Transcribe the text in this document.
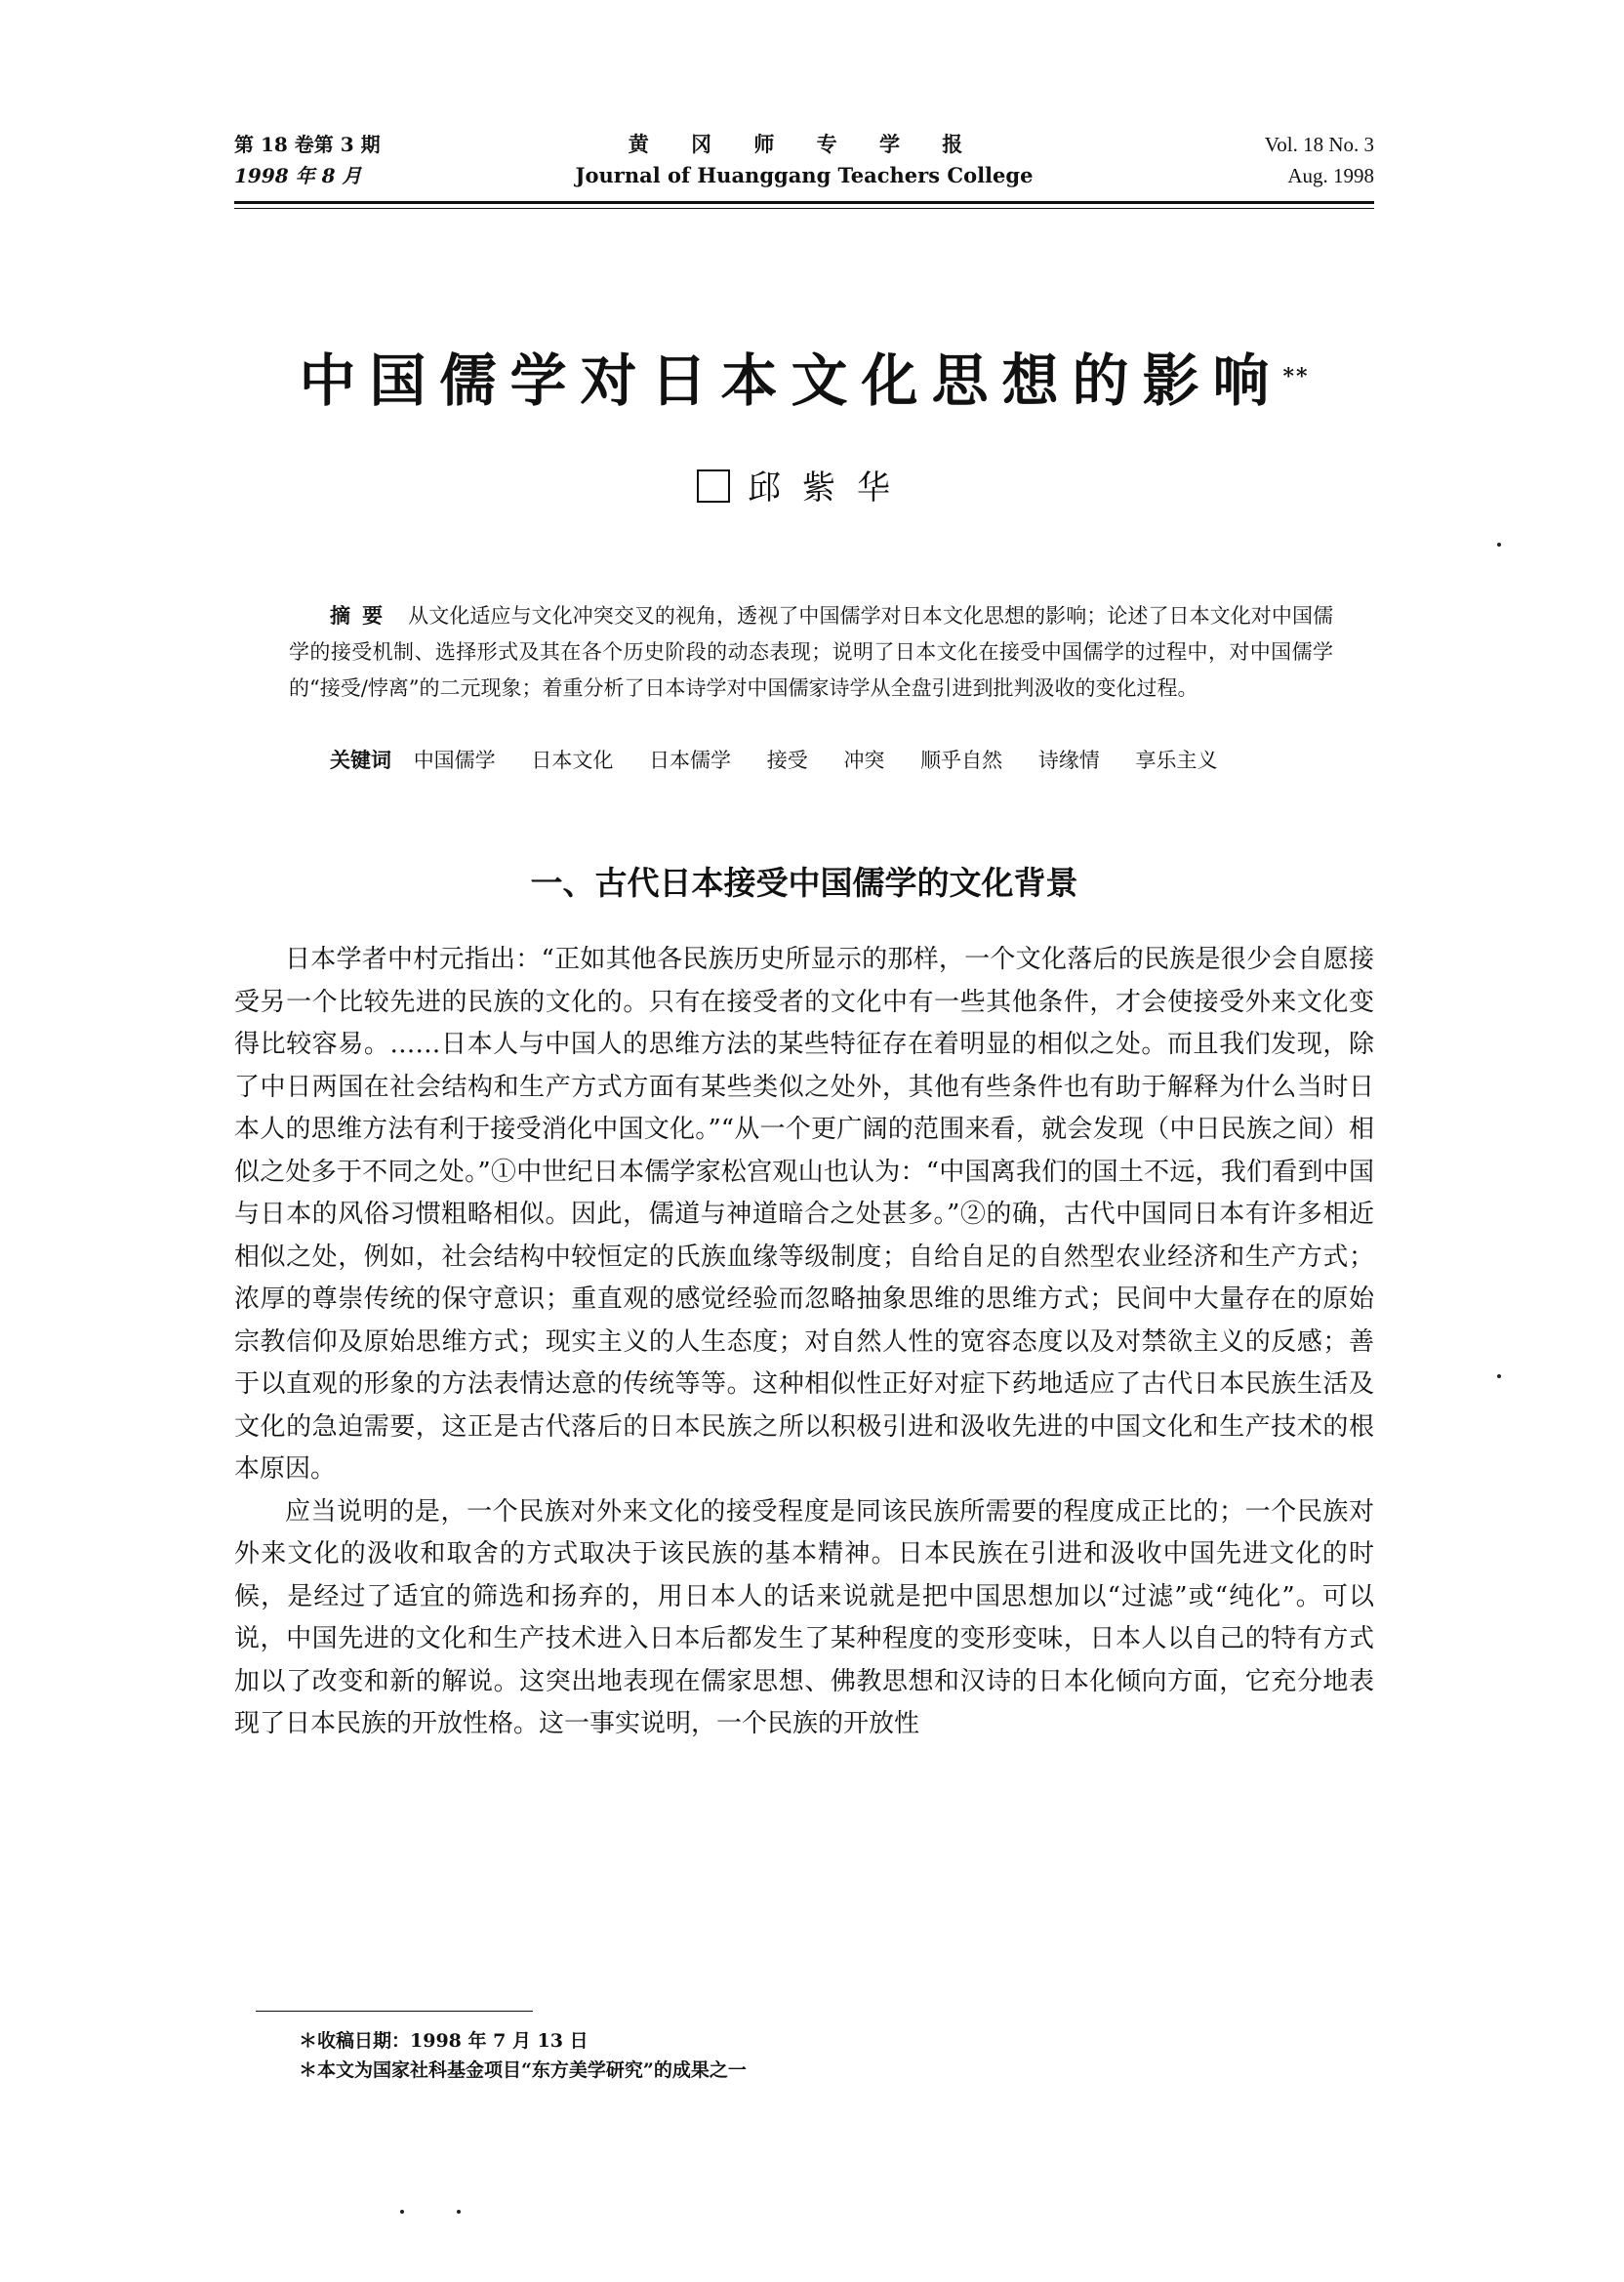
第 18 卷第 3 期
1998 年 8 月
黄 冈 师 专 学 报
Journal of Huanggang Teachers College
Vol. 18 No. 3
Aug. 1998
中国儒学对日本文化思想的影响**
邱紫华
摘要 从文化适应与文化冲突交叉的视角，透视了中国儒学对日本文化思想的影响；论述了日本文化对中国儒学的接受机制、选择形式及其在各个历史阶段的动态表现；说明了日本文化在接受中国儒学的过程中，对中国儒学的“接受/悖离”的二元现象；着重分析了日本诗学对中国儒家诗学从全盘引进到批判汲收的变化过程。
关键词 中国儒学 日本文化 日本儒学 接受 冲突 顺乎自然 诗缘情 享乐主义
一、古代日本接受中国儒学的文化背景

日本学者中村元指出：“正如其他各民族历史所显示的那样，一个文化落后的民族是很少会自愿接受另一个比较先进的民族的文化的。只有在接受者的文化中有一些其他条件，才会使接受外来文化变得比较容易。……日本人与中国人的思维方法的某些特征存在着明显的相似之处。而且我们发现，除了中日两国在社会结构和生产方式方面有某些类似之处外，其他有些条件也有助于解释为什么当时日本人的思维方法有利于接受消化中国文化。”“从一个更广阔的范围来看，就会发现（中日民族之间）相似之处多于不同之处。”①中世纪日本儒学家松宫观山也认为：“中国离我们的国土不远，我们看到中国与日本的风俗习惯粗略相似。因此，儒道与神道暗合之处甚多。”②的确，古代中国同日本有许多相近相似之处，例如，社会结构中较恒定的氏族血缘等级制度；自给自足的自然型农业经济和生产方式；浓厚的尊崇传统的保守意识；重直观的感觉经验而忽略抽象思维的思维方式；民间中大量存在的原始宗教信仰及原始思维方式；现实主义的人生态度；对自然人性的宽容态度以及对禁欲主义的反感；善于以直观的形象的方法表情达意的传统等等。这种相似性正好对症下药地适应了古代日本民族生活及文化的急迫需要，这正是古代落后的日本民族之所以积极引进和汲收先进的中国文化和生产技术的根本原因。

应当说明的是，一个民族对外来文化的接受程度是同该民族所需要的程度成正比的；一个民族对外来文化的汲收和取舍的方式取决于该民族的基本精神。日本民族在引进和汲收中国先进文化的时候，是经过了适宜的筛选和扬弃的，用日本人的话来说就是把中国思想加以“过滤”或“纯化”。可以说，中国先进的文化和生产技术进入日本后都发生了某种程度的变形变味，日本人以自己的特有方式加以了改变和新的解说。这突出地表现在儒家思想、佛教思想和汉诗的日本化倾向方面，它充分地表现了日本民族的开放性格。这一事实说明，一个民族的开放性

＊收稿日期：1998 年 7 月 13 日
＊本文为国家社科基金项目“东方美学研究”的成果之一
